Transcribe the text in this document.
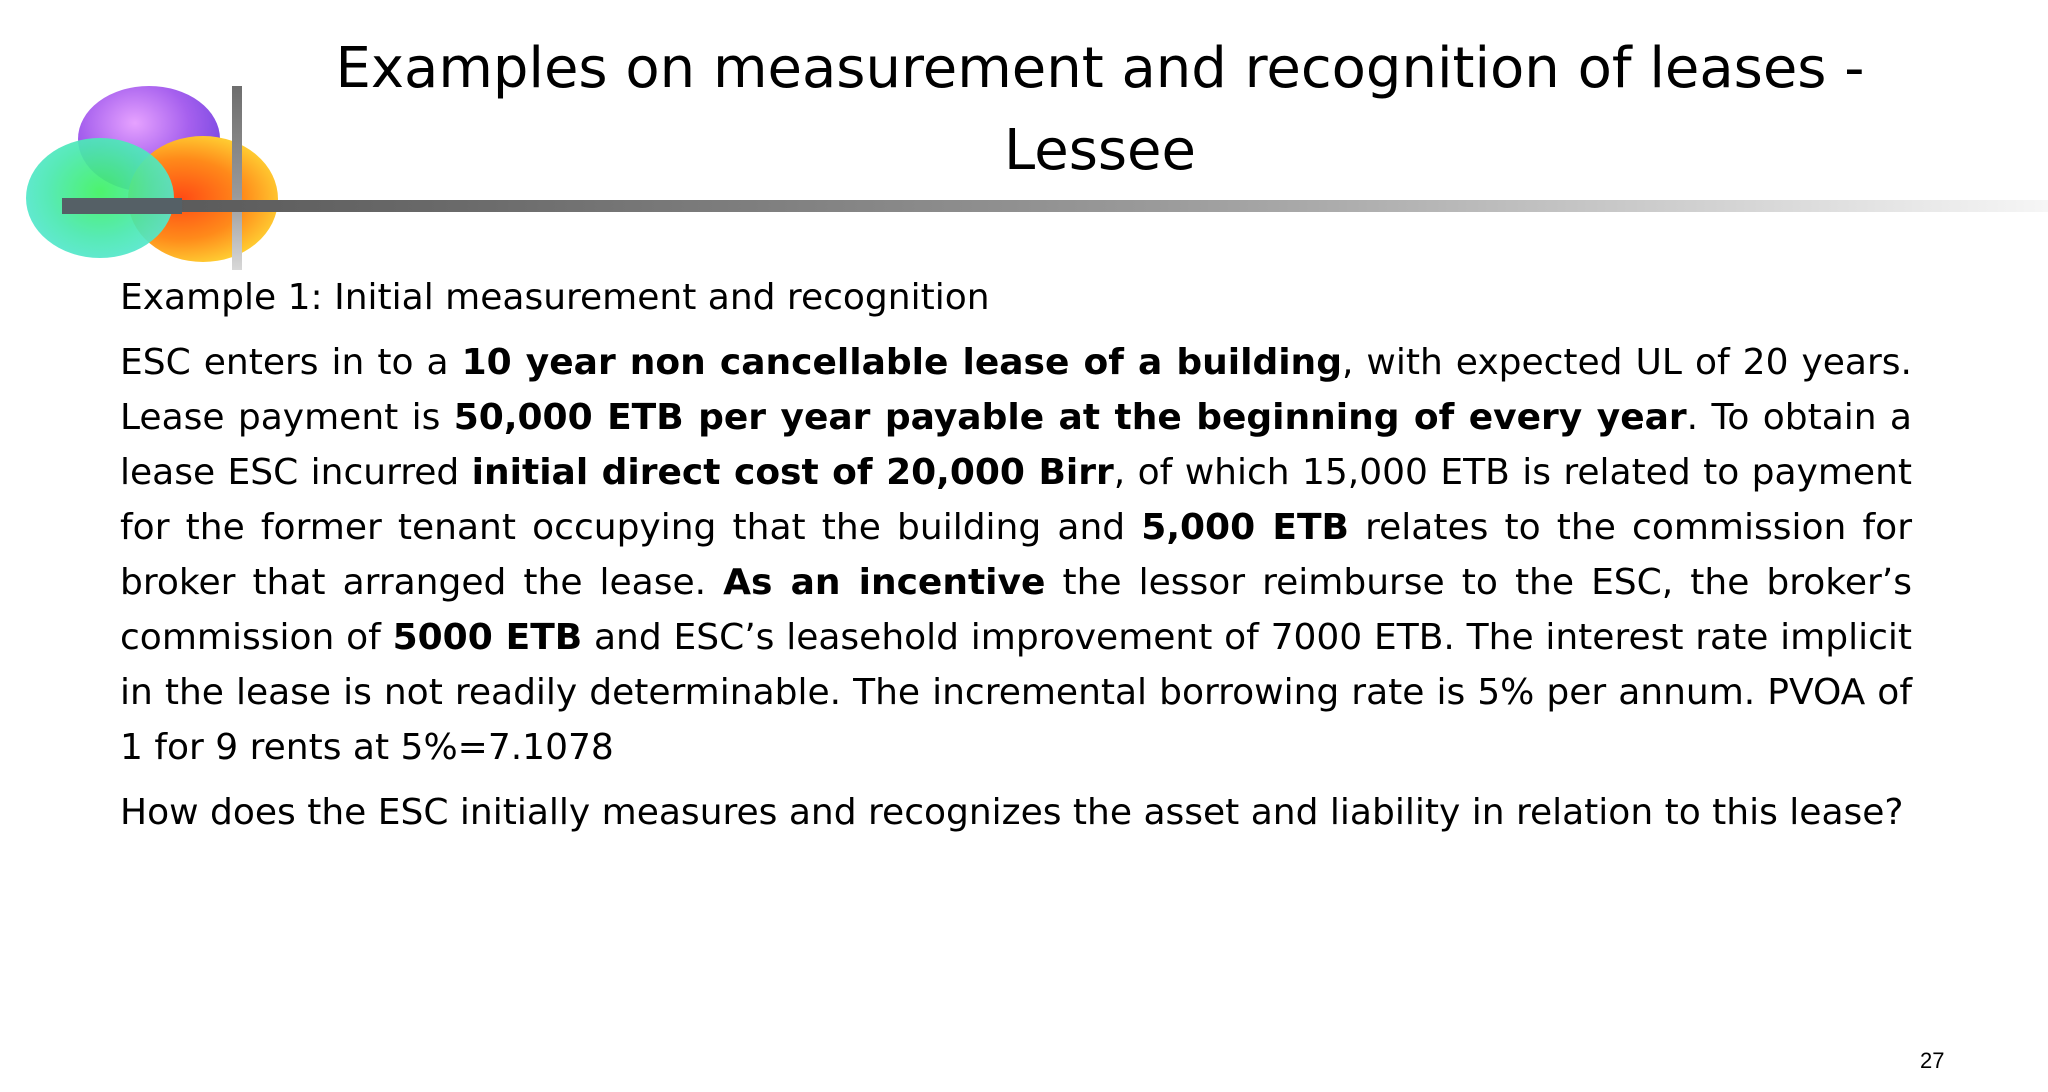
Examples on measurement and recognition of leases -
Lessee

Example 1: Initial measurement and recognition

ESC enters in to a 10 year non cancellable lease of a building, with expected UL of 20 years. Lease payment is 50,000 ETB per year payable at the beginning of every year. To obtain a lease ESC incurred initial direct cost of 20,000 Birr, of which 15,000 ETB is related to payment for the former tenant occupying that the building and 5,000 ETB relates to the commission for broker that arranged the lease. As an incentive the lessor reimburse to the ESC, the broker’s commission of 5000 ETB and ESC’s leasehold improvement of 7000 ETB. The interest rate implicit in the lease is not readily determinable. The incremental borrowing rate is 5% per annum. PVOA of 1 for 9 rents at 5%=7.1078

How does the ESC initially measures and recognizes the asset and liability in relation to this lease?

27
